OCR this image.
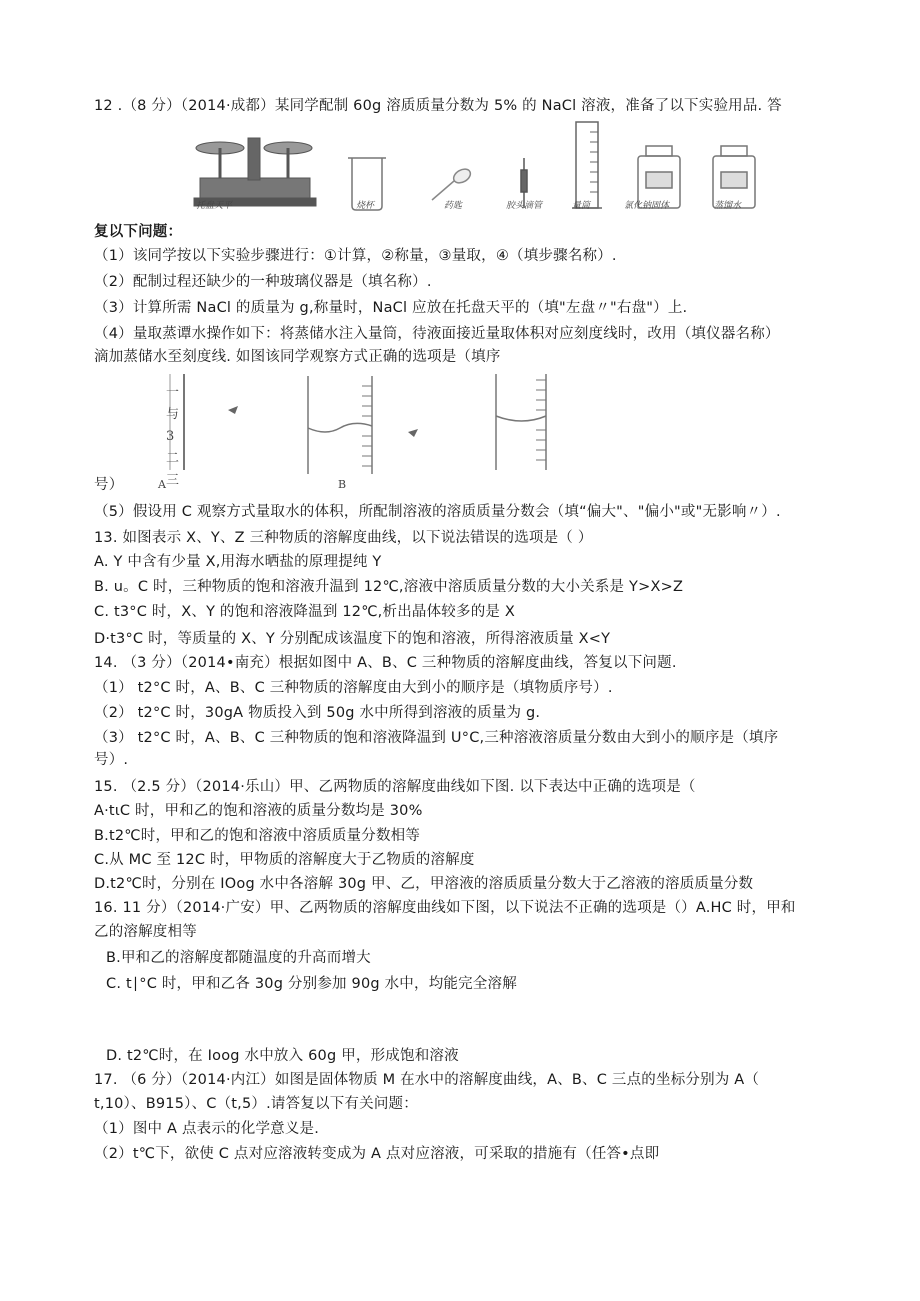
12 .（8 分）（2014·成都）某同学配制 60g 溶质质量分数为 5% 的 NaCl 溶液，准备了以下实验用品. 答
托盘天平	烧杯	药匙	胶头滴管	量筒	氯化钠固体	蒸馏水
复以下问题：
（1）该同学按以下实验步骤进行：①计算，②称量，③量取，④（填步骤名称）.
（2）配制过程还缺少的一种玻璃仪器是（填名称）.
（3）计算所需 NaCl 的质量为 g,称量时，NaCl 应放在托盘天平的（填"左盘〃"右盘"）上.
（4）量取蒸谭水操作如下：将蒸储水注入量筒，待液面接近量取体积对应刻度线时，改用（填仪器名称）
滴加蒸储水至刻度线. 如图该同学观察方式正确的选项是（填序
一与3 二三
A	B
号）
（5）假设用 C 观察方式量取水的体积，所配制溶液的溶质质量分数会（填“偏大"、"偏小"或"无影响〃）.
13. 如图表示 X、Y、Z 三种物质的溶解度曲线，以下说法错误的选项是（ ）
A. Y 中含有少量 X,用海水晒盐的原理提纯 Y
B. u。C 时，三种物质的饱和溶液升温到 12℃,溶液中溶质质量分数的大小关系是 Y>X>Z
C. t3°C 时，X、Y 的饱和溶液降温到 12℃,析出晶体较多的是 X
D·t3°C 时，等质量的 X、Y 分别配成该温度下的饱和溶液，所得溶液质量 X<Y
14. （3 分）（2014•南充）根据如图中 A、B、C 三种物质的溶解度曲线，答复以下问题.
（1） t2°C 时，A、B、C 三种物质的溶解度由大到小的顺序是（填物质序号）.
（2） t2°C 时，30gA 物质投入到 50g 水中所得到溶液的质量为 g.
（3） t2°C 时，A、B、C 三种物质的饱和溶液降温到 U°C,三种溶液溶质量分数由大到小的顺序是（填序
号）.
15. （2.5 分）（2014·乐山）甲、乙两物质的溶解度曲线如下图. 以下表达中正确的选项是（
A·tιC 时，甲和乙的饱和溶液的质量分数均是 30%
B.t2℃时，甲和乙的饱和溶液中溶质质量分数相等
C.从 MC 至 12C 时，甲物质的溶解度大于乙物质的溶解度
D.t2℃时，分别在 IOog 水中各溶解 30g 甲、乙，甲溶液的溶质质量分数大于乙溶液的溶质质量分数
16. 11 分）（2014·广安）甲、乙两物质的溶解度曲线如下图，以下说法不正确的选项是（）A.HC 时，甲和
乙的溶解度相等
B.甲和乙的溶解度都随温度的升高而增大
C. t∣°C 时，甲和乙各 30g 分别参加 90g 水中，均能完全溶解
D. t2℃时，在 Ioog 水中放入 60g 甲，形成饱和溶液
17. （6 分）（2014·内江）如图是固体物质 M 在水中的溶解度曲线，A、B、C 三点的坐标分别为 A（
t,10）、B915）、C（t,5）.请答复以下有关问题：
（1）图中 A 点表示的化学意义是.
（2）t℃下，欲使 C 点对应溶液转变成为 A 点对应溶液，可采取的措施有（任答•点即
